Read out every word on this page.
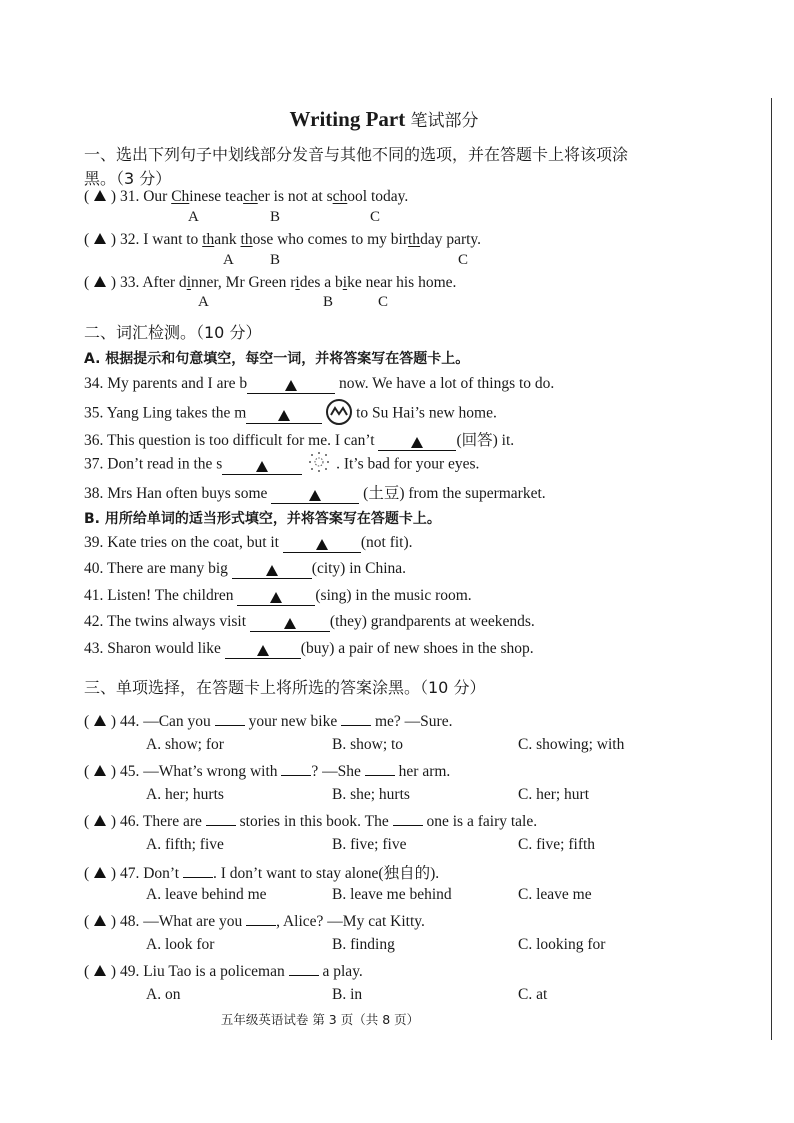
Writing Part 笔试部分
一、选出下列句子中划线部分发音与其他不同的选项，并在答题卡上将该项涂
黑。（3 分）
(  ) 31. Our Chinese teacher is not at school today.
A	B	C
(  ) 32. I want to thank those who comes to my birthday party.
A B	C
(  ) 33. After dinner, Mr Green rides a bike near his home.
A	B	C
二、词汇检测。（10 分）
A. 根据提示和句意填空，每空一词，并将答案写在答题卡上。
34. My parents and I are b	now. We have a lot of things to do.
35. Yang Ling takes the m	to Su Hai’s new home.
36. This question is too difficult for me. I can’t	(回答) it.
37. Don’t read in the s	. It’s bad for your eyes.
38. Mrs Han often buys some	(土豆) from the supermarket.
B. 用所给单词的适当形式填空，并将答案写在答题卡上。
39. Kate tries on the coat, but it	(not fit).
40. There are many big	(city) in China.
41. Listen! The children	(sing) in the music room.
42. The twins always visit	(they) grandparents at weekends.
43. Sharon would like	(buy) a pair of new shoes in the shop.
三、单项选择，在答题卡上将所选的答案涂黑。（10 分）
(  ) 44. —Can you  your new bike  me? —Sure.
A. show; for	B. show; to	C. showing; with
(  ) 45. —What’s wrong with ? —She  her arm.
A. her; hurts	B. she; hurts	C. her; hurt
(  ) 46. There are  stories in this book. The  one is a fairy tale.
A. fifth; five	B. five; five	C. five; fifth
(  ) 47. Don’t . I don’t want to stay alone(独自的).
A. leave behind me	B. leave me behind	C. leave me
(  ) 48. —What are you , Alice? —My cat Kitty.
A. look for	B. finding	C. looking for
(  ) 49. Liu Tao is a policeman  a play.
A. on	B. in	C. at
五年级英语试卷 第 3 页（共 8 页）
